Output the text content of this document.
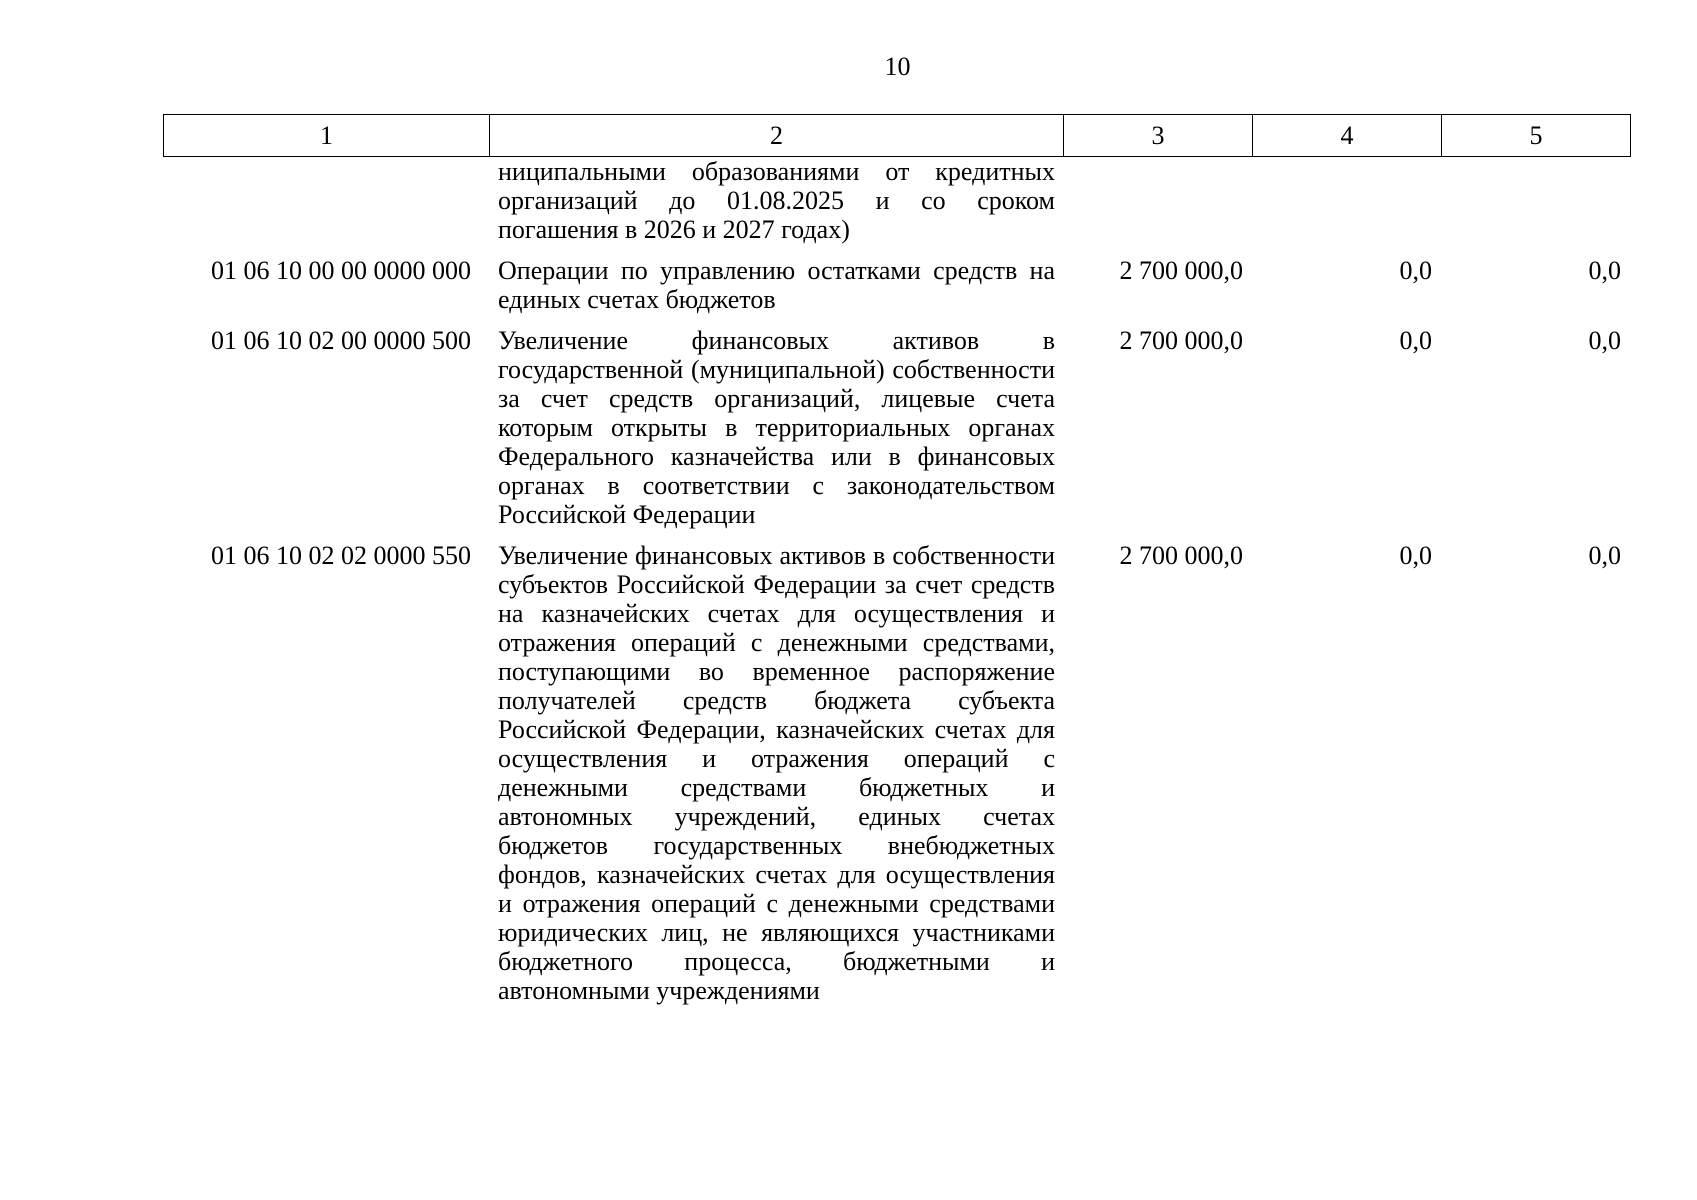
10
1	2	3	4	5

	ниципальными образованиями от кредитных организаций до 01.08.2025 и со сроком погашения в 2026 и 2027 годах)			

01 06 10 00 00 0000 000	Операции по управлению остатками средств на единых счетах бюджетов	2 700 000,0	0,0	0,0
01 06 10 02 00 0000 500	Увеличение финансовых активов в государственной (муниципальной) собственности за счет средств организаций, лицевые счета которым открыты в территориальных органах Федерального казначейства или в финансовых органах в соответствии с законодательством Российской Федерации	2 700 000,0	0,0	0,0
01 06 10 02 02 0000 550	Увеличение финансовых активов в собственности субъектов Российской Федерации за счет средств на казначейских счетах для осуществления и отражения операций с денежными средствами, поступающими во временное распоряжение получателей средств бюджета субъекта Российской Федерации, казначейских счетах для осуществления и отражения операций с денежными средствами бюджетных и автономных учреждений, единых счетах бюджетов государственных внебюджетных фондов, казначейских счетах для осуществления и отражения операций с денежными средствами юридических лиц, не являющихся участниками бюджетного процесса, бюджетными и автономными учреждениями	2 700 000,0	0,0	0,0
